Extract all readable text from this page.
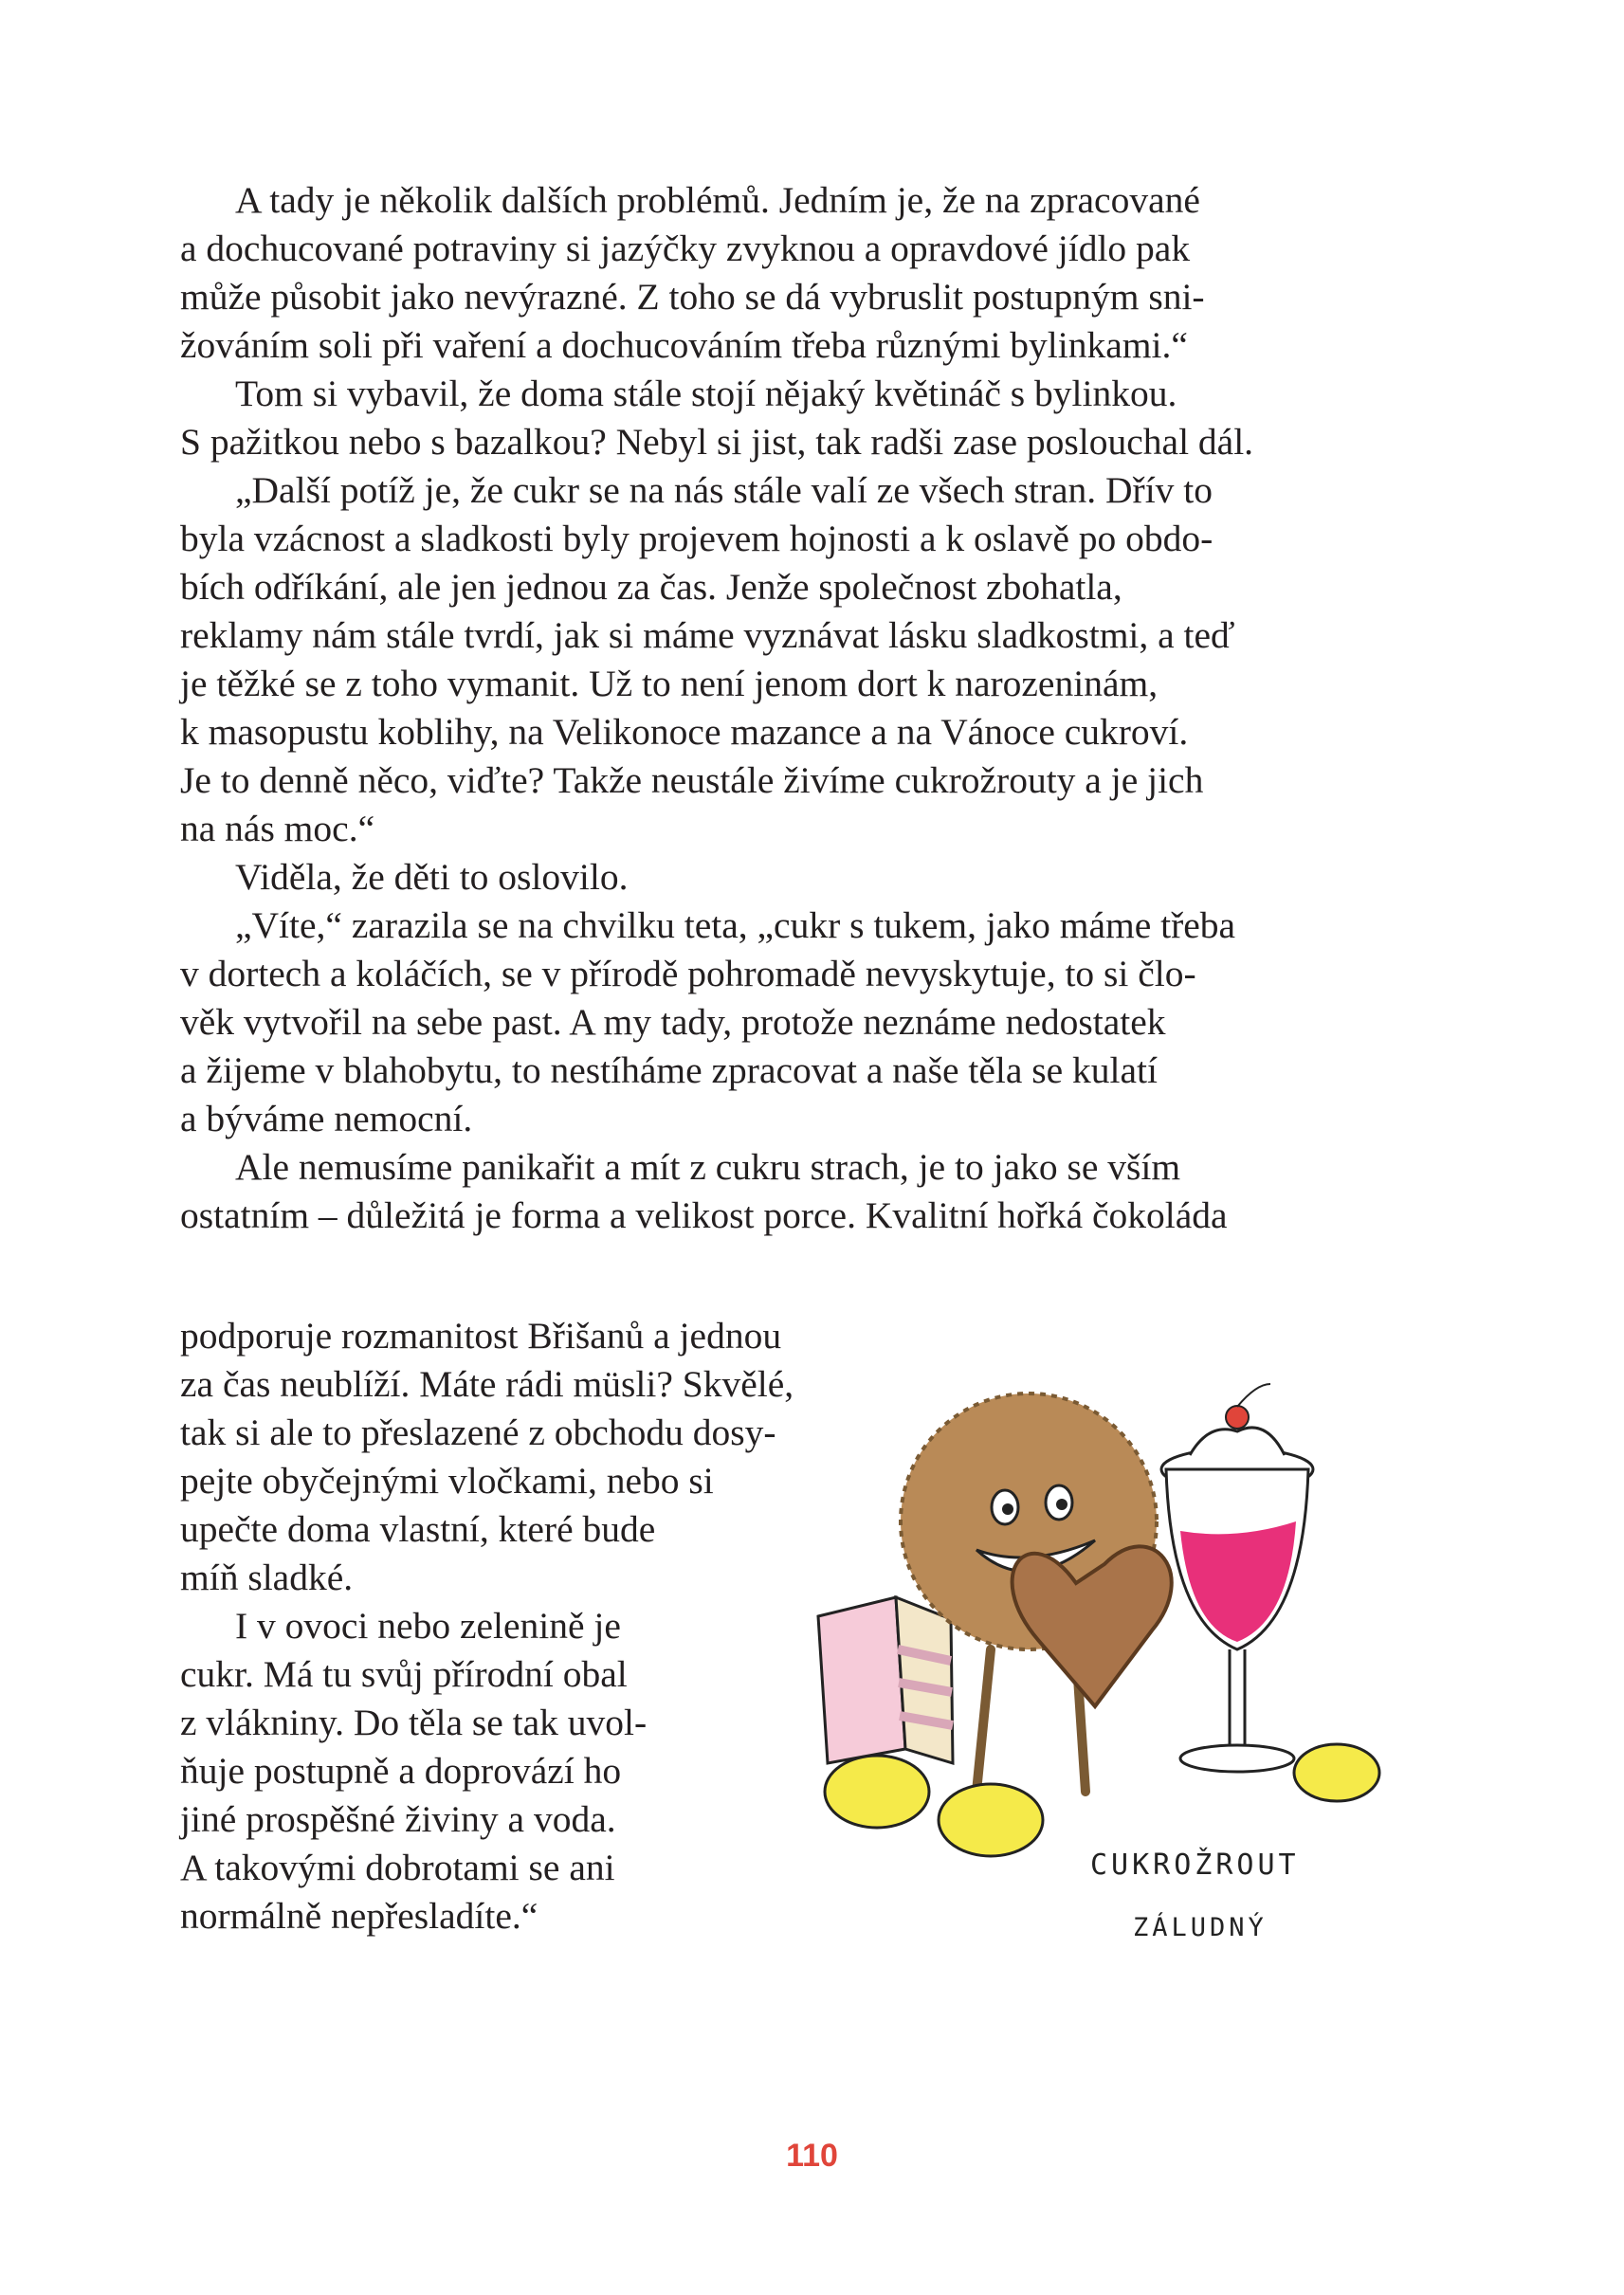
A tady je několik dalších problémů. Jedním je, že na zpracované
a dochucované potraviny si jazýčky zvyknou a opravdové jídlo pak
může působit jako nevýrazné. Z toho se dá vybruslit postupným sni-
žováním soli při vaření a dochucováním třeba různými bylinkami.“

Tom si vybavil, že doma stále stojí nějaký květináč s bylinkou.
S pažitkou nebo s bazalkou? Nebyl si jist, tak radši zase poslouchal dál.

„Další potíž je, že cukr se na nás stále valí ze všech stran. Dřív to
byla vzácnost a sladkosti byly projevem hojnosti a k oslavě po obdo-
bích odříkání, ale jen jednou za čas. Jenže společnost zbohatla,
reklamy nám stále tvrdí, jak si máme vyznávat lásku sladkostmi, a teď
je těžké se z toho vymanit. Už to není jenom dort k narozeninám,
k masopustu koblihy, na Velikonoce mazance a na Vánoce cukroví.
Je to denně něco, viďte? Takže neustále živíme cukrožrouty a je jich
na nás moc.“

Viděla, že děti to oslovilo.

„Víte,“ zarazila se na chvilku teta, „cukr s tukem, jako máme třeba
v dortech a koláčích, se v přírodě pohromadě nevyskytuje, to si člo-
věk vytvořil na sebe past. A my tady, protože neznáme nedostatek
a žijeme v blahobytu, to nestíháme zpracovat a naše těla se kulatí
a býváme nemocní.

Ale nemusíme panikařit a mít z cukru strach, je to jako se vším
ostatním – důležitá je forma a velikost porce. Kvalitní hořká čokoláda

podporuje rozmanitost Břišanů a jednou
za čas neublíží. Máte rádi müsli? Skvělé,
tak si ale to přeslazené z obchodu dosy-
pejte obyčejnými vločkami, nebo si
upečte doma vlastní, které bude
míň sladké.

I v ovoci nebo zelenině je
cukr. Má tu svůj přírodní obal
z vlákniny. Do těla se tak uvol-
ňuje postupně a doprovází ho
jiné prospěšné živiny a voda.
A takovými dobrotami se ani
normálně nepřesladíte.“

CUKROŽROUT
ZÁLUDNÝ
110
